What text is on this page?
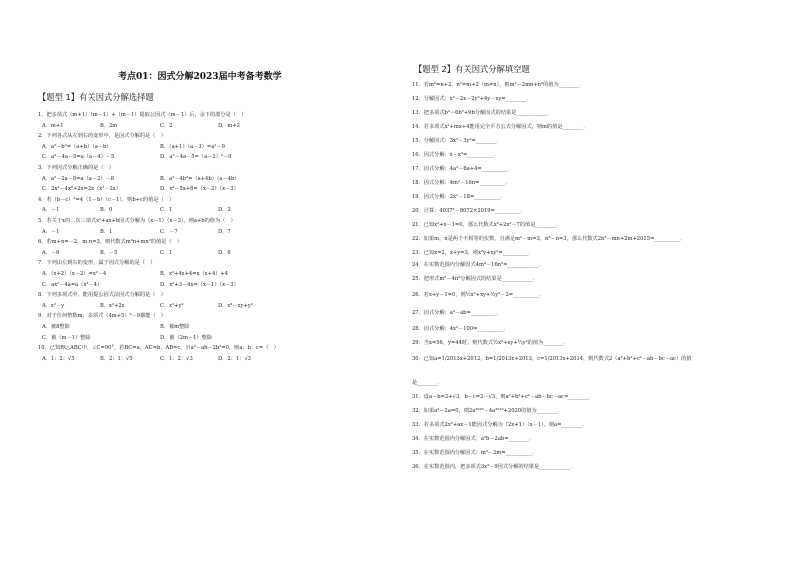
考点01：因式分解2023届中考备考数学
【题型 1】有关因式分解选择题
1．把多项式（m+1）（m－1）+（m－1）提取公因式（m－1）后，余下的部分是（　）
A．m+1	B．2m	C．2	D．m+2
2．下列各式从左到右的变形中，是因式分解的是（　）
A．a²－b²=（a+b）（a－b）	B．（a+1）（a－3）=a²－9
C．a²－4a－5=a（a－4）－5	D．a²－4a－5=（a－2）²－9
3．下列因式分解正确的是（　）
A．a²－2a－8=a（a－2）－8	B．a²－4b²=（a+4b）（a－4b）
C．2x³－4x²+2x=2x（x²－2x）	D．x²－5x+6=（x－2）（x－3）
4．若（b－c）²=4（1－b）（c－1），则b+c的值是（　）
A．－1	B．0	C．1	D．2
5．若关于x的二次三项式x²+ax+b因式分解为（x－1）（x－3），则a+b的值为（　）
A．－1	B．1	C．－7	D．7
6．若m+n=－2，m·n=3，则代数式m²n+mn²的值是（　）
A．－6	B．－5	C．1	D．6
7．下列由左到右的变形，属于因式分解的是（　）
A．（x+2）（x－2）=x²－4	B．x²+4x+4=x（x+4）+4
C．ax²－4a=a（x²－4）	D．x²+3－4x=（x－1）（x－3）
8．下列多项式中，能用提公因式法因式分解的是（　）
A．x²－y	B．x²+2x	C．x²+y²	D．x²－xy+y²
9．对于任何整数m，多项式（4m+5）²－9都能（　）
A．被8整除	B．被m整除
C．被（m－1）整除	D．被（2m－1）整除
10．已知Rt△ABC中，∠C=90°，若BC=a，AC=b，AB=c，且a²－ab－2b²=0，则a：b：c=（　）
A．1：2：√5	B．2：1：√5	C．1：2：√3	D．2：1：√3
【题型 2】有关因式分解填空题
11．若m²=n+2，n²=m+2（m≠n），则m³－2mn+n³的值为________．
12．分解因式：x²－2x－2y²+4y－xy=________．
13．把多项式b³－6b²+9b分解因式的结果是____________．
14．若多项式x²+mx+4能用完全平方公式分解因式，则m的值是________．
15．分解因式：3x²－3y²=________．
16．因式分解：x－x³=__________．
17．因式分解：4a²－8a+4=__________．
18．因式分解：4m²－16n=__________．
19．因式分解：2x²－18=__________．
20．计算：4037²－8072×2019=__________．
21．已知x²+x－1=0，那么代数式x³+2x²－7的值是________．
22．如果m，n是两个不相等的实数，且满足m²－m=3，n²－n=3，那么代数式2n²－mn+2m+2015=__________．
23．已知x=2，x+y=3，则x²y+xy²=__________．
24．在实数范围内分解因式4m⁴－16n²=____________．
25．把形式m²－4n²分解因式的结果是____________．
26．若x+y－1=0，则½x²+xy+½y²－2=__________．
27．因式分解：a³－ab=__________．
28．因式分解：4x²－100=__________．
29．当x=56，y=44时，则代数式½x²+xy+½y²的值为________．
30．已知a=1/2013x+2012，b=1/2013x+2013，c=1/2013x+2014，则代数式2（a²+b²+c²－ab－bc－ac）的值
是________．
31．设a－b=2+√3，b－c=2－√3，则a²+b²+c²－ab－bc－ac=________．
32．如果a²－2a=0，则2a²⁰²⁰－4a²⁰¹⁹+2020的值为________．
33．若多项式2x²+ax－1能因式分解为（2x+1）（x－1），则a=________．
34．在实数范围内分解因式：a²b－2ab=________．
35．在实数范围内分解因式：m³－2m=__________．
36．在实数范围内，把多项式3x²－9因式分解的结果是____________．
